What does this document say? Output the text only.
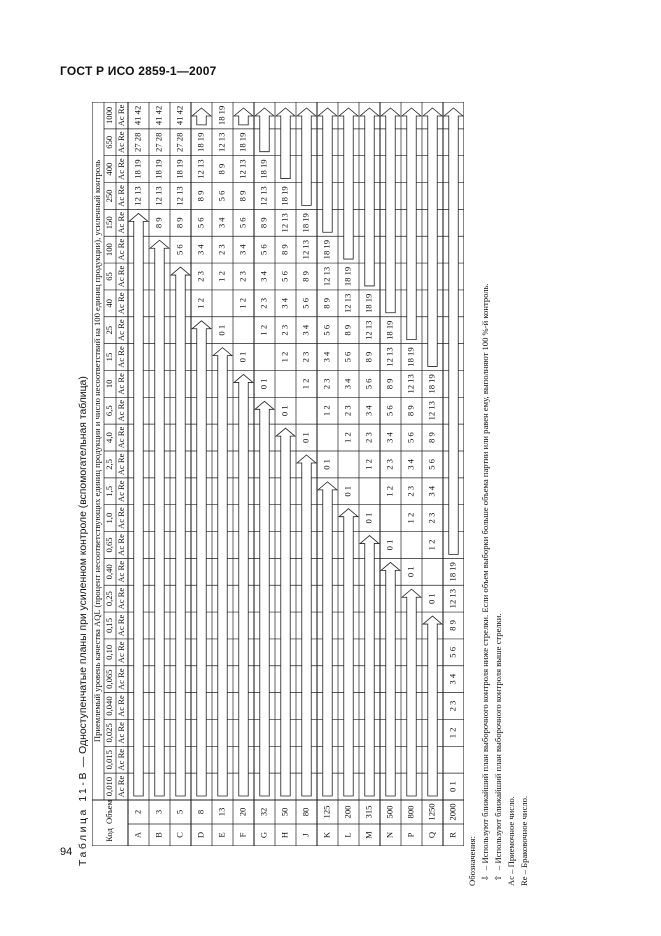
ГОСТ Р ИСО 2859-1—2007
94 Таблица 11-В — Одноступенчатые планы при усиленном контроле (вспомогательная таблица) Приемлемый уровень качества AQL (процент несоответствующих единиц продукции и число несоответствий на 100 единиц продукции), усиленный контроль
Код
Объем
0,010 Ac Re
0,015 Ac Re
0,025 Ac Re
0,040 Ac Re
0,065 Ac Re
0,10 Ac Re
0,15 Ac Re
0,25 Ac Re
0,40 Ac Re
0,65 Ac Re
1,0 Ac Re
1,5 Ac Re
2,5 Ac Re
4,0 Ac Re
6,5 Ac Re
10 Ac Re
15 Ac Re
25 Ac Re
40 Ac Re
65 Ac Re
100 Ac Re
150 Ac Re
250 Ac Re
400 Ac Re
650 Ac Re
1000 Ac Re
A
2
12 13
18 19
27 28
41 42
B
3
8 9
12 13
18 19
27 28
41 42
C
5
5 6
8 9
12 13
18 19
27 28
41 42
D
8
1 2
2 3
3 4
5 6
8 9
12 13
18 19
E
13
0 1
1 2
2 3
3 4
5 6
8 9
12 13
18 19
F
20
0 1
1 2
2 3
3 4
5 6
8 9
12 13
18 19
G
32
0 1
1 2
2 3
3 4
5 6
8 9
12 13
18 19
H
50
0 1
1 2
2 3
3 4
5 6
8 9
12 13
18 19
J
80
0 1
1 2
2 3
3 4
5 6
8 9
12 13
18 19
K
125
0 1
1 2
2 3
3 4
5 6
8 9
12 13
18 19
L
200
0 1
1 2
2 3
3 4
5 6
8 9
12 13
18 19
M
315
0 1
1 2
2 3
3 4
5 6
8 9
12 13
18 19
N
500
0 1
1 2
2 3
3 4
5 6
8 9
12 13
18 19
P
800
0 1
1 2
2 3
3 4
5 6
8 9
12 13
18 19
Q
1250
0 1
1 2
2 3
3 4
5 6
8 9
12 13
18 19
R
2000
0 1
1 2
2 3
3 4
5 6
8 9
12 13
18 19
Обозначения: ⇩– Используют ближайший план выборочного контроля ниже стрелки. Если объем выборки больше объема партии или равен ему, выполняют 100 %-й контроль.
⇧– Используют ближайший план выборочного контроля выше стрелки. Ac – Приемочное число. Re – Браковочное число.
